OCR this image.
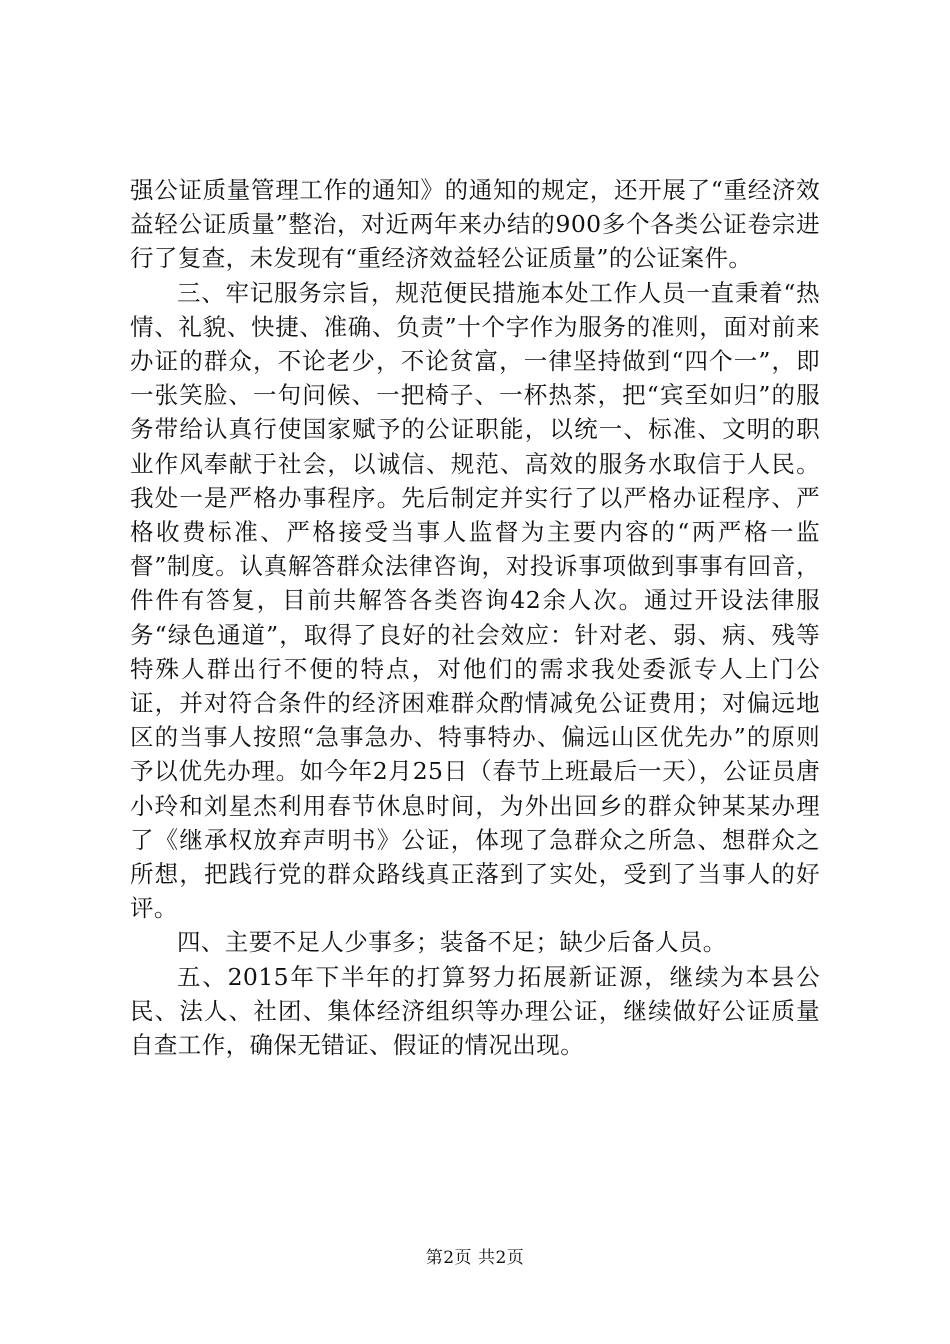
强公证质量管理工作的通知》的通知的规定，还开展了“重经济效益轻公证质量”整治，对近两年来办结的900多个各类公证卷宗进行了复查，未发现有“重经济效益轻公证质量”的公证案件。

三、牢记服务宗旨，规范便民措施本处工作人员一直秉着“热情、礼貌、快捷、准确、负责”十个字作为服务的准则，面对前来办证的群众，不论老少，不论贫富，一律坚持做到“四个一”，即一张笑脸、一句问候、一把椅子、一杯热茶，把“宾至如归”的服务带给认真行使国家赋予的公证职能，以统一、标准、文明的职业作风奉献于社会，以诚信、规范、高效的服务水取信于人民。我处一是严格办事程序。先后制定并实行了以严格办证程序、严格收费标准、严格接受当事人监督为主要内容的“两严格一监督”制度。认真解答群众法律咨询，对投诉事项做到事事有回音，件件有答复，目前共解答各类咨询42余人次。通过开设法律服务“绿色通道”，取得了良好的社会效应：针对老、弱、病、残等特殊人群出行不便的特点，对他们的需求我处委派专人上门公证，并对符合条件的经济困难群众酌情减免公证费用；对偏远地区的当事人按照“急事急办、特事特办、偏远山区优先办”的原则予以优先办理。如今年2月25日（春节上班最后一天），公证员唐小玲和刘星杰利用春节休息时间，为外出回乡的群众钟某某办理了《继承权放弃声明书》公证，体现了急群众之所急、想群众之所想，把践行党的群众路线真正落到了实处，受到了当事人的好评。

四、主要不足人少事多；装备不足；缺少后备人员。

五、2015年下半年的打算努力拓展新证源，继续为本县公民、法人、社团、集体经济组织等办理公证，继续做好公证质量自查工作，确保无错证、假证的情况出现。

第2页 共2页
